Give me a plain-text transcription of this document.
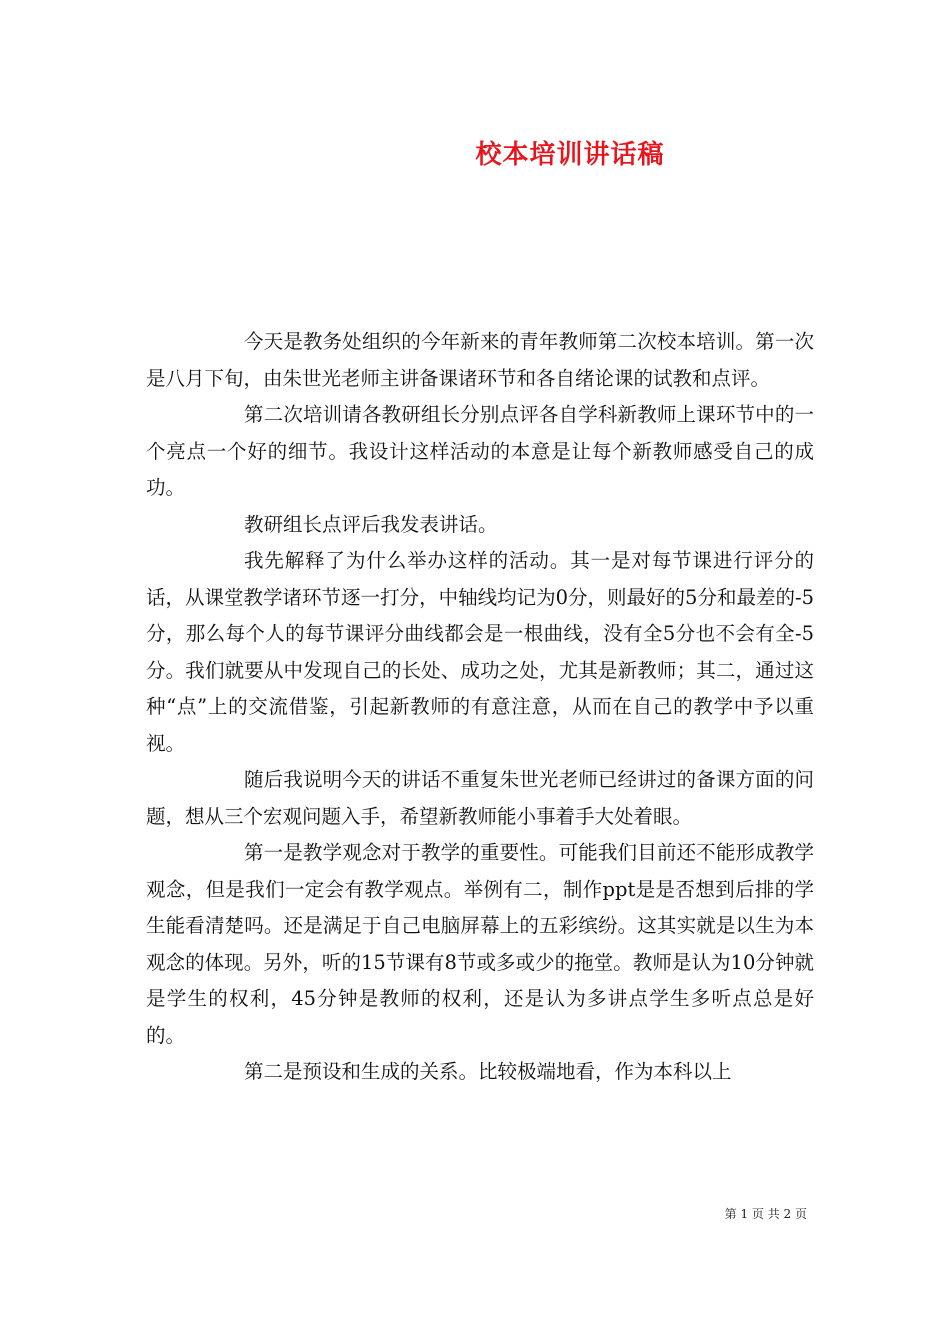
校本培训讲话稿

今天是教务处组织的今年新来的青年教师第二次校本培训。第一次是八月下旬，由朱世光老师主讲备课诸环节和各自绪论课的试教和点评。

第二次培训请各教研组长分别点评各自学科新教师上课环节中的一个亮点一个好的细节。我设计这样活动的本意是让每个新教师感受自己的成功。

教研组长点评后我发表讲话。

我先解释了为什么举办这样的活动。其一是对每节课进行评分的话，从课堂教学诸环节逐一打分，中轴线均记为0分，则最好的5分和最差的-5分，那么每个人的每节课评分曲线都会是一根曲线，没有全5分也不会有全-5分。我们就要从中发现自己的长处、成功之处，尤其是新教师；其二，通过这种“点”上的交流借鉴，引起新教师的有意注意，从而在自己的教学中予以重视。

随后我说明今天的讲话不重复朱世光老师已经讲过的备课方面的问题，想从三个宏观问题入手，希望新教师能小事着手大处着眼。

第一是教学观念对于教学的重要性。可能我们目前还不能形成教学观念，但是我们一定会有教学观点。举例有二，制作ppt是是否想到后排的学生能看清楚吗。还是满足于自己电脑屏幕上的五彩缤纷。这其实就是以生为本观念的体现。另外，听的15节课有8节或多或少的拖堂。教师是认为10分钟就是学生的权利，45分钟是教师的权利，还是认为多讲点学生多听点总是好的。

第二是预设和生成的关系。比较极端地看，作为本科以上

第 1 页 共 2 页
